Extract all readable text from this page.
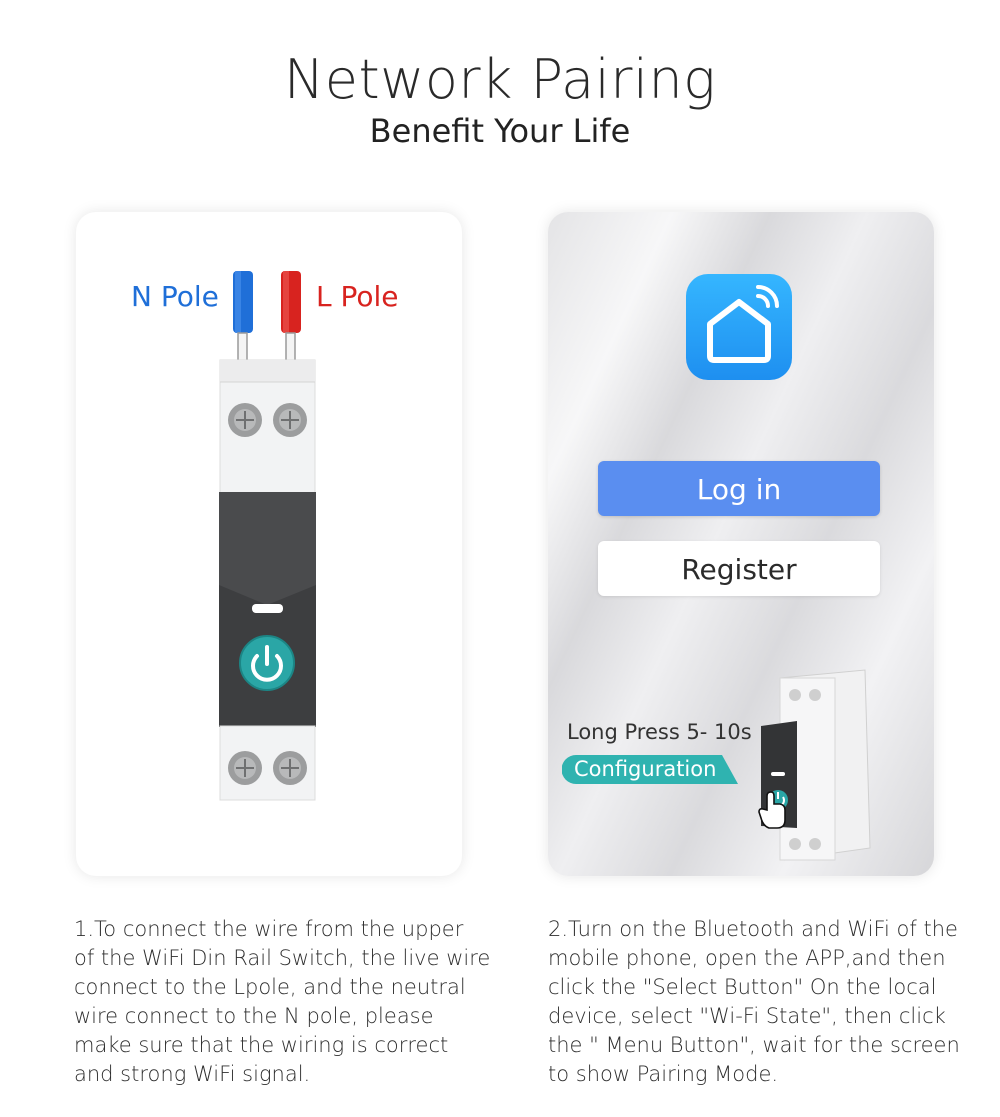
Network Pairing
Benefit Your Life
N Pole	L Pole
Log in
Register
Long Press 5- 10s
Configuration
1.To connect the wire from the upper
of the WiFi Din Rail Switch, the live wire
connect to the Lpole, and the neutral
wire connect to the N pole, please
make sure that the wiring is correct
and strong WiFi signal.
2.Turn on the Bluetooth and WiFi of the
mobile phone, open the APP,and then
click the "Select Button" On the local
device, select "Wi-Fi State", then click
the " Menu Button", wait for the screen
to show Pairing Mode.
